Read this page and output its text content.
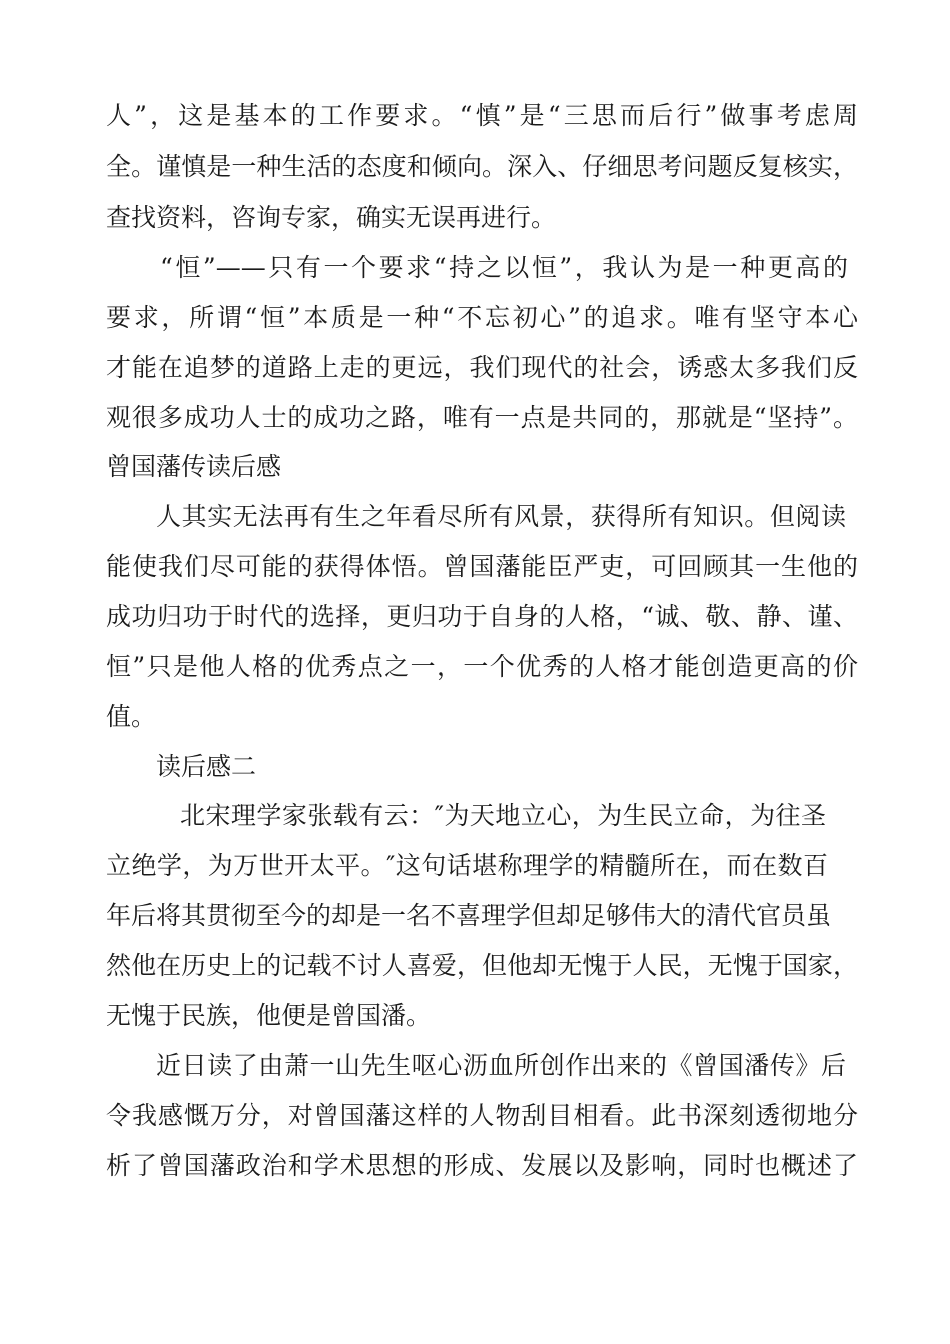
人”，这是基本的工作要求。“慎”是“三思而后行”做事考虑周
全。谨慎是一种生活的态度和倾向。深入、仔细思考问题反复核实，
查找资料，咨询专家，确实无误再进行。
“恒”——只有一个要求“持之以恒”，我认为是一种更高的
要求，所谓“恒”本质是一种“不忘初心”的追求。唯有坚守本心
才能在追梦的道路上走的更远，我们现代的社会，诱惑太多我们反
观很多成功人士的成功之路，唯有一点是共同的，那就是“坚持”。
曾国藩传读后感
人其实无法再有生之年看尽所有风景，获得所有知识。但阅读
能使我们尽可能的获得体悟。曾国藩能臣严吏，可回顾其一生他的
成功归功于时代的选择，更归功于自身的人格，“诚、敬、静、谨、
恒”只是他人格的优秀点之一，一个优秀的人格才能创造更高的价
值。
读后感二
北宋理学家张载有云：″为天地立心，为生民立命，为往圣
立绝学，为万世开太平。″这句话堪称理学的精髓所在，而在数百
年后将其贯彻至今的却是一名不喜理学但却足够伟大的清代官员虽
然他在历史上的记载不讨人喜爱，但他却无愧于人民，无愧于国家，
无愧于民族，他便是曾国潘。
近日读了由萧一山先生呕心沥血所创作出来的《曾国潘传》后
令我感慨万分，对曾国藩这样的人物刮目相看。此书深刻透彻地分
析了曾国藩政治和学术思想的形成、发展以及影响，同时也概述了
